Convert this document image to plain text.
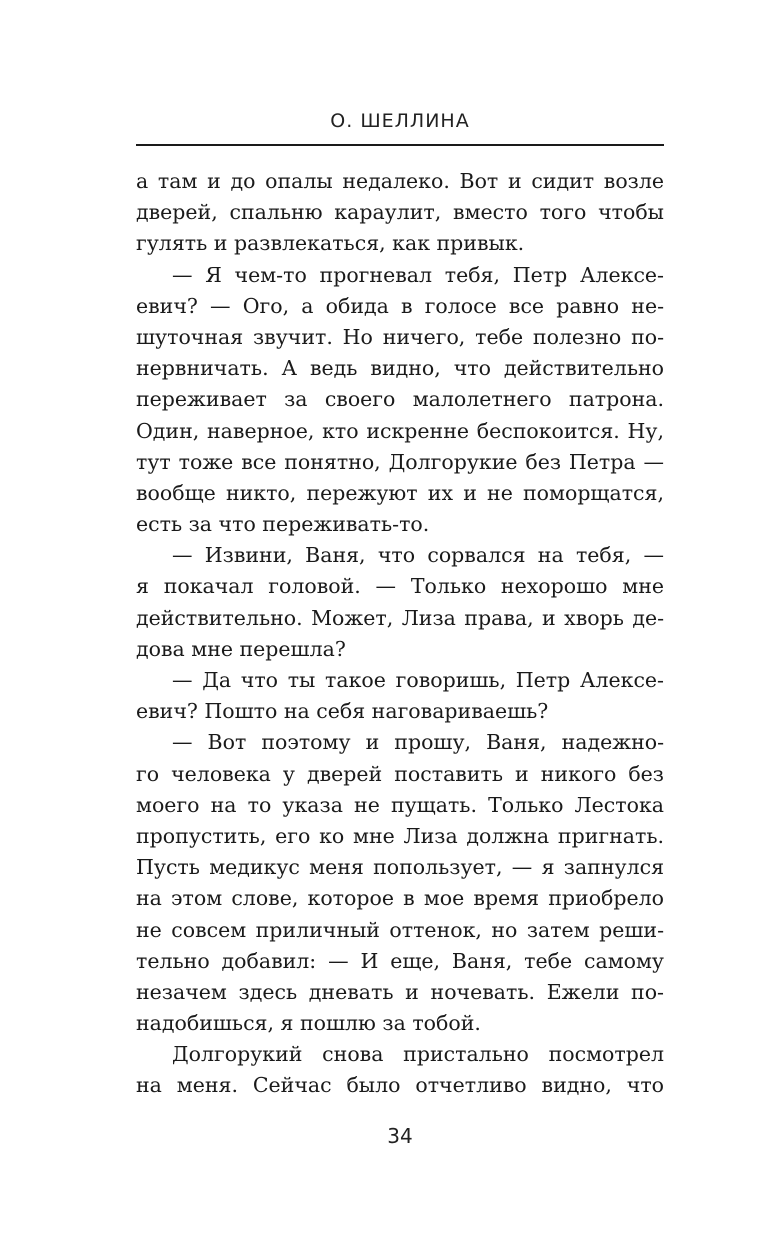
О. ШЕЛЛИНА
а там и до опалы недалеко. Вот и сидит возле
дверей, спальню караулит, вместо того чтобы
гулять и развлекаться, как привык.
— Я чем-то прогневал тебя, Петр Алексе-
евич? — Ого, а обида в голосе все равно не-
шуточная звучит. Но ничего, тебе полезно по-
нервничать. А ведь видно, что действительно
переживает за своего малолетнего патрона.
Один, наверное, кто искренне беспокоится. Ну,
тут тоже все понятно, Долгорукие без Петра —
вообще никто, пережуют их и не поморщатся,
есть за что переживать-то.
— Извини, Ваня, что сорвался на тебя, —
я покачал головой. — Только нехорошо мне
действительно. Может, Лиза права, и хворь де-
дова мне перешла?
— Да что ты такое говоришь, Петр Алексе-
евич? Пошто на себя наговариваешь?
— Вот поэтому и прошу, Ваня, надежно-
го человека у дверей поставить и никого без
моего на то указа не пущать. Только Лестока
пропустить, его ко мне Лиза должна пригнать.
Пусть медикус меня попользует, — я запнулся
на этом слове, которое в мое время приобрело
не совсем приличный оттенок, но затем реши-
тельно добавил: — И еще, Ваня, тебе самому
незачем здесь дневать и ночевать. Ежели по-
надобишься, я пошлю за тобой.
Долгорукий снова пристально посмотрел
на меня. Сейчас было отчетливо видно, что
34
